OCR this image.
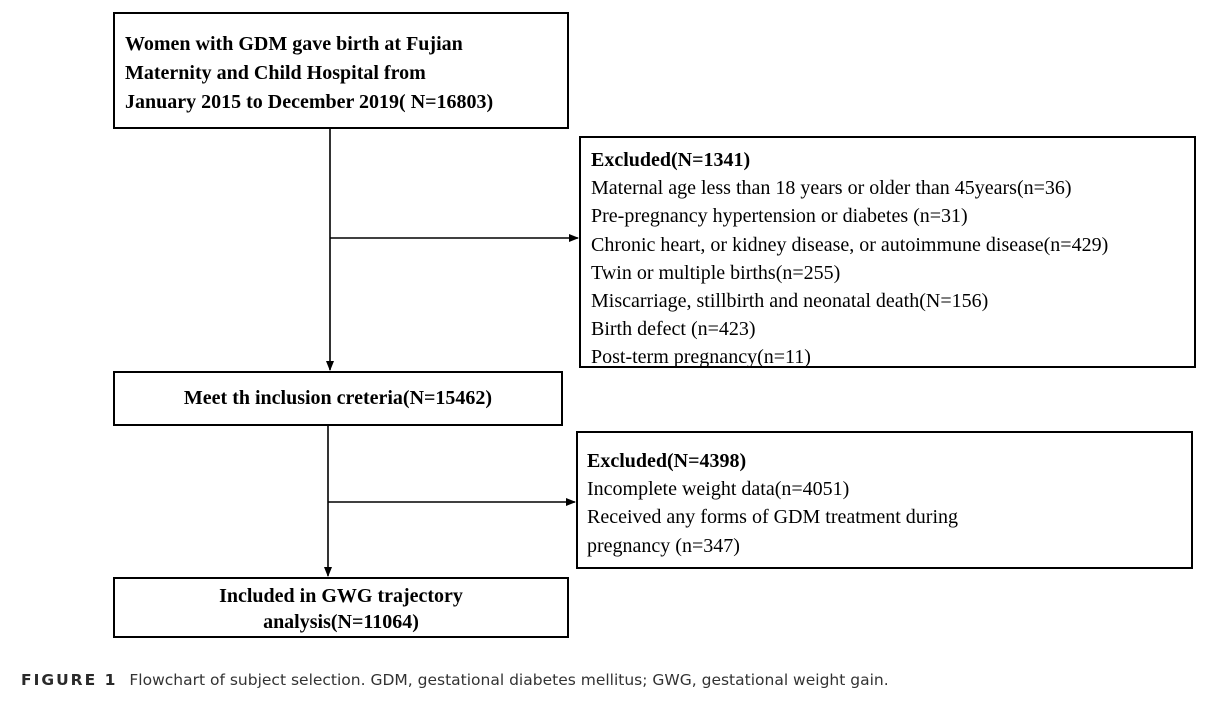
Women with GDM gave birth at Fujian
Maternity and Child Hospital from
January 2015 to December 2019( N=16803)
Excluded(N=1341)
Maternal age less than 18 years or older than 45years(n=36)
Pre-pregnancy hypertension or diabetes (n=31)
Chronic heart, or kidney disease, or autoimmune disease(n=429)
Twin or multiple births(n=255)
Miscarriage, stillbirth and neonatal death(N=156)
Birth defect (n=423)
Post-term pregnancy(n=11)
Meet th inclusion creteria(N=15462)
Excluded(N=4398)
Incomplete weight data(n=4051)
Received any forms of GDM treatment during
pregnancy (n=347)
Included in GWG trajectory
analysis(N=11064)
FIGURE 1 Flowchart of subject selection. GDM, gestational diabetes mellitus; GWG, gestational weight gain.
